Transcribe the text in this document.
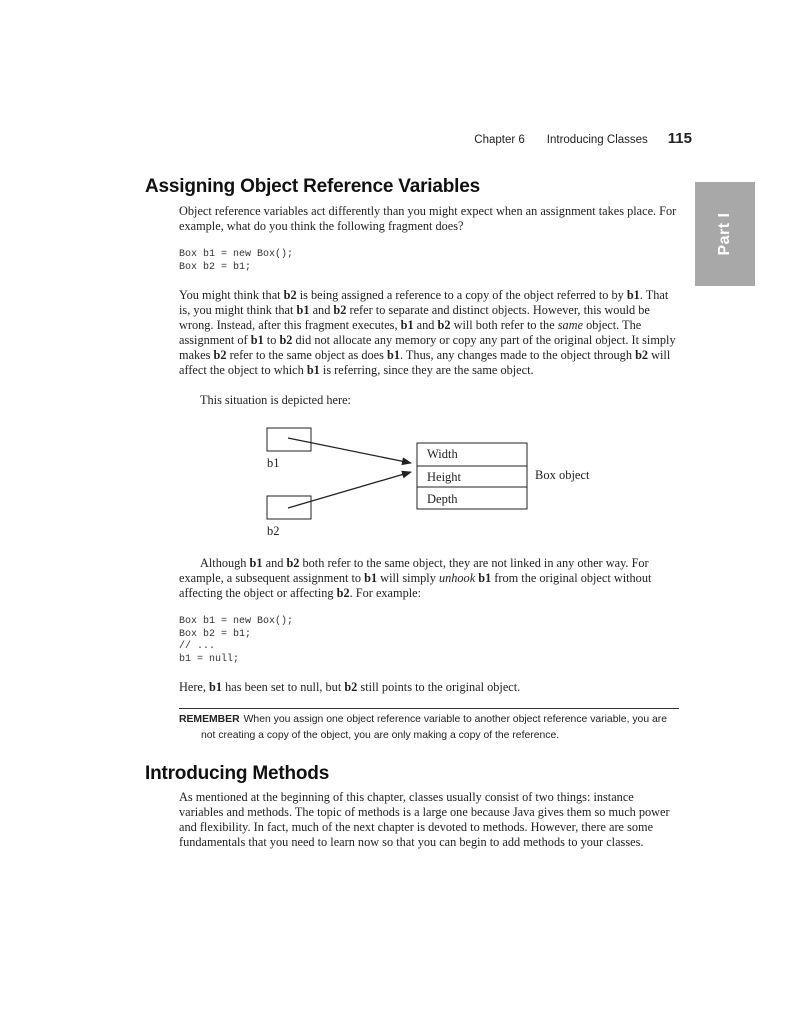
Chapter 6 Introducing Classes 115
Part I
Assigning Object Reference Variables

Object reference variables act differently than you might expect when an assignment takes place. For example, what do you think the following fragment does?

Box b1 = new Box();
Box b2 = b1;

You might think that b2 is being assigned a reference to a copy of the object referred to by b1. That is, you might think that b1 and b2 refer to separate and distinct objects. However, this would be wrong. Instead, after this fragment executes, b1 and b2 will both refer to the same object. The assignment of b1 to b2 did not allocate any memory or copy any part of the original object. It simply makes b2 refer to the same object as does b1. Thus, any changes made to the object through b2 will affect the object to which b1 is referring, since they are the same object.

This situation is depicted here:

b1
b2
Width
Height
Depth
Box object

Although b1 and b2 both refer to the same object, they are not linked in any other way. For example, a subsequent assignment to b1 will simply unhook b1 from the original object without affecting the object or affecting b2. For example:

Box b1 = new Box();
Box b2 = b1;
// ...
b1 = null;

Here, b1 has been set to null, but b2 still points to the original object.

REMEMBER When you assign one object reference variable to another object reference variable, you are
not creating a copy of the object, you are only making a copy of the reference.
Introducing Methods

As mentioned at the beginning of this chapter, classes usually consist of two things: instance variables and methods. The topic of methods is a large one because Java gives them so much power and flexibility. In fact, much of the next chapter is devoted to methods. However, there are some fundamentals that you need to learn now so that you can begin to add methods to your classes.
